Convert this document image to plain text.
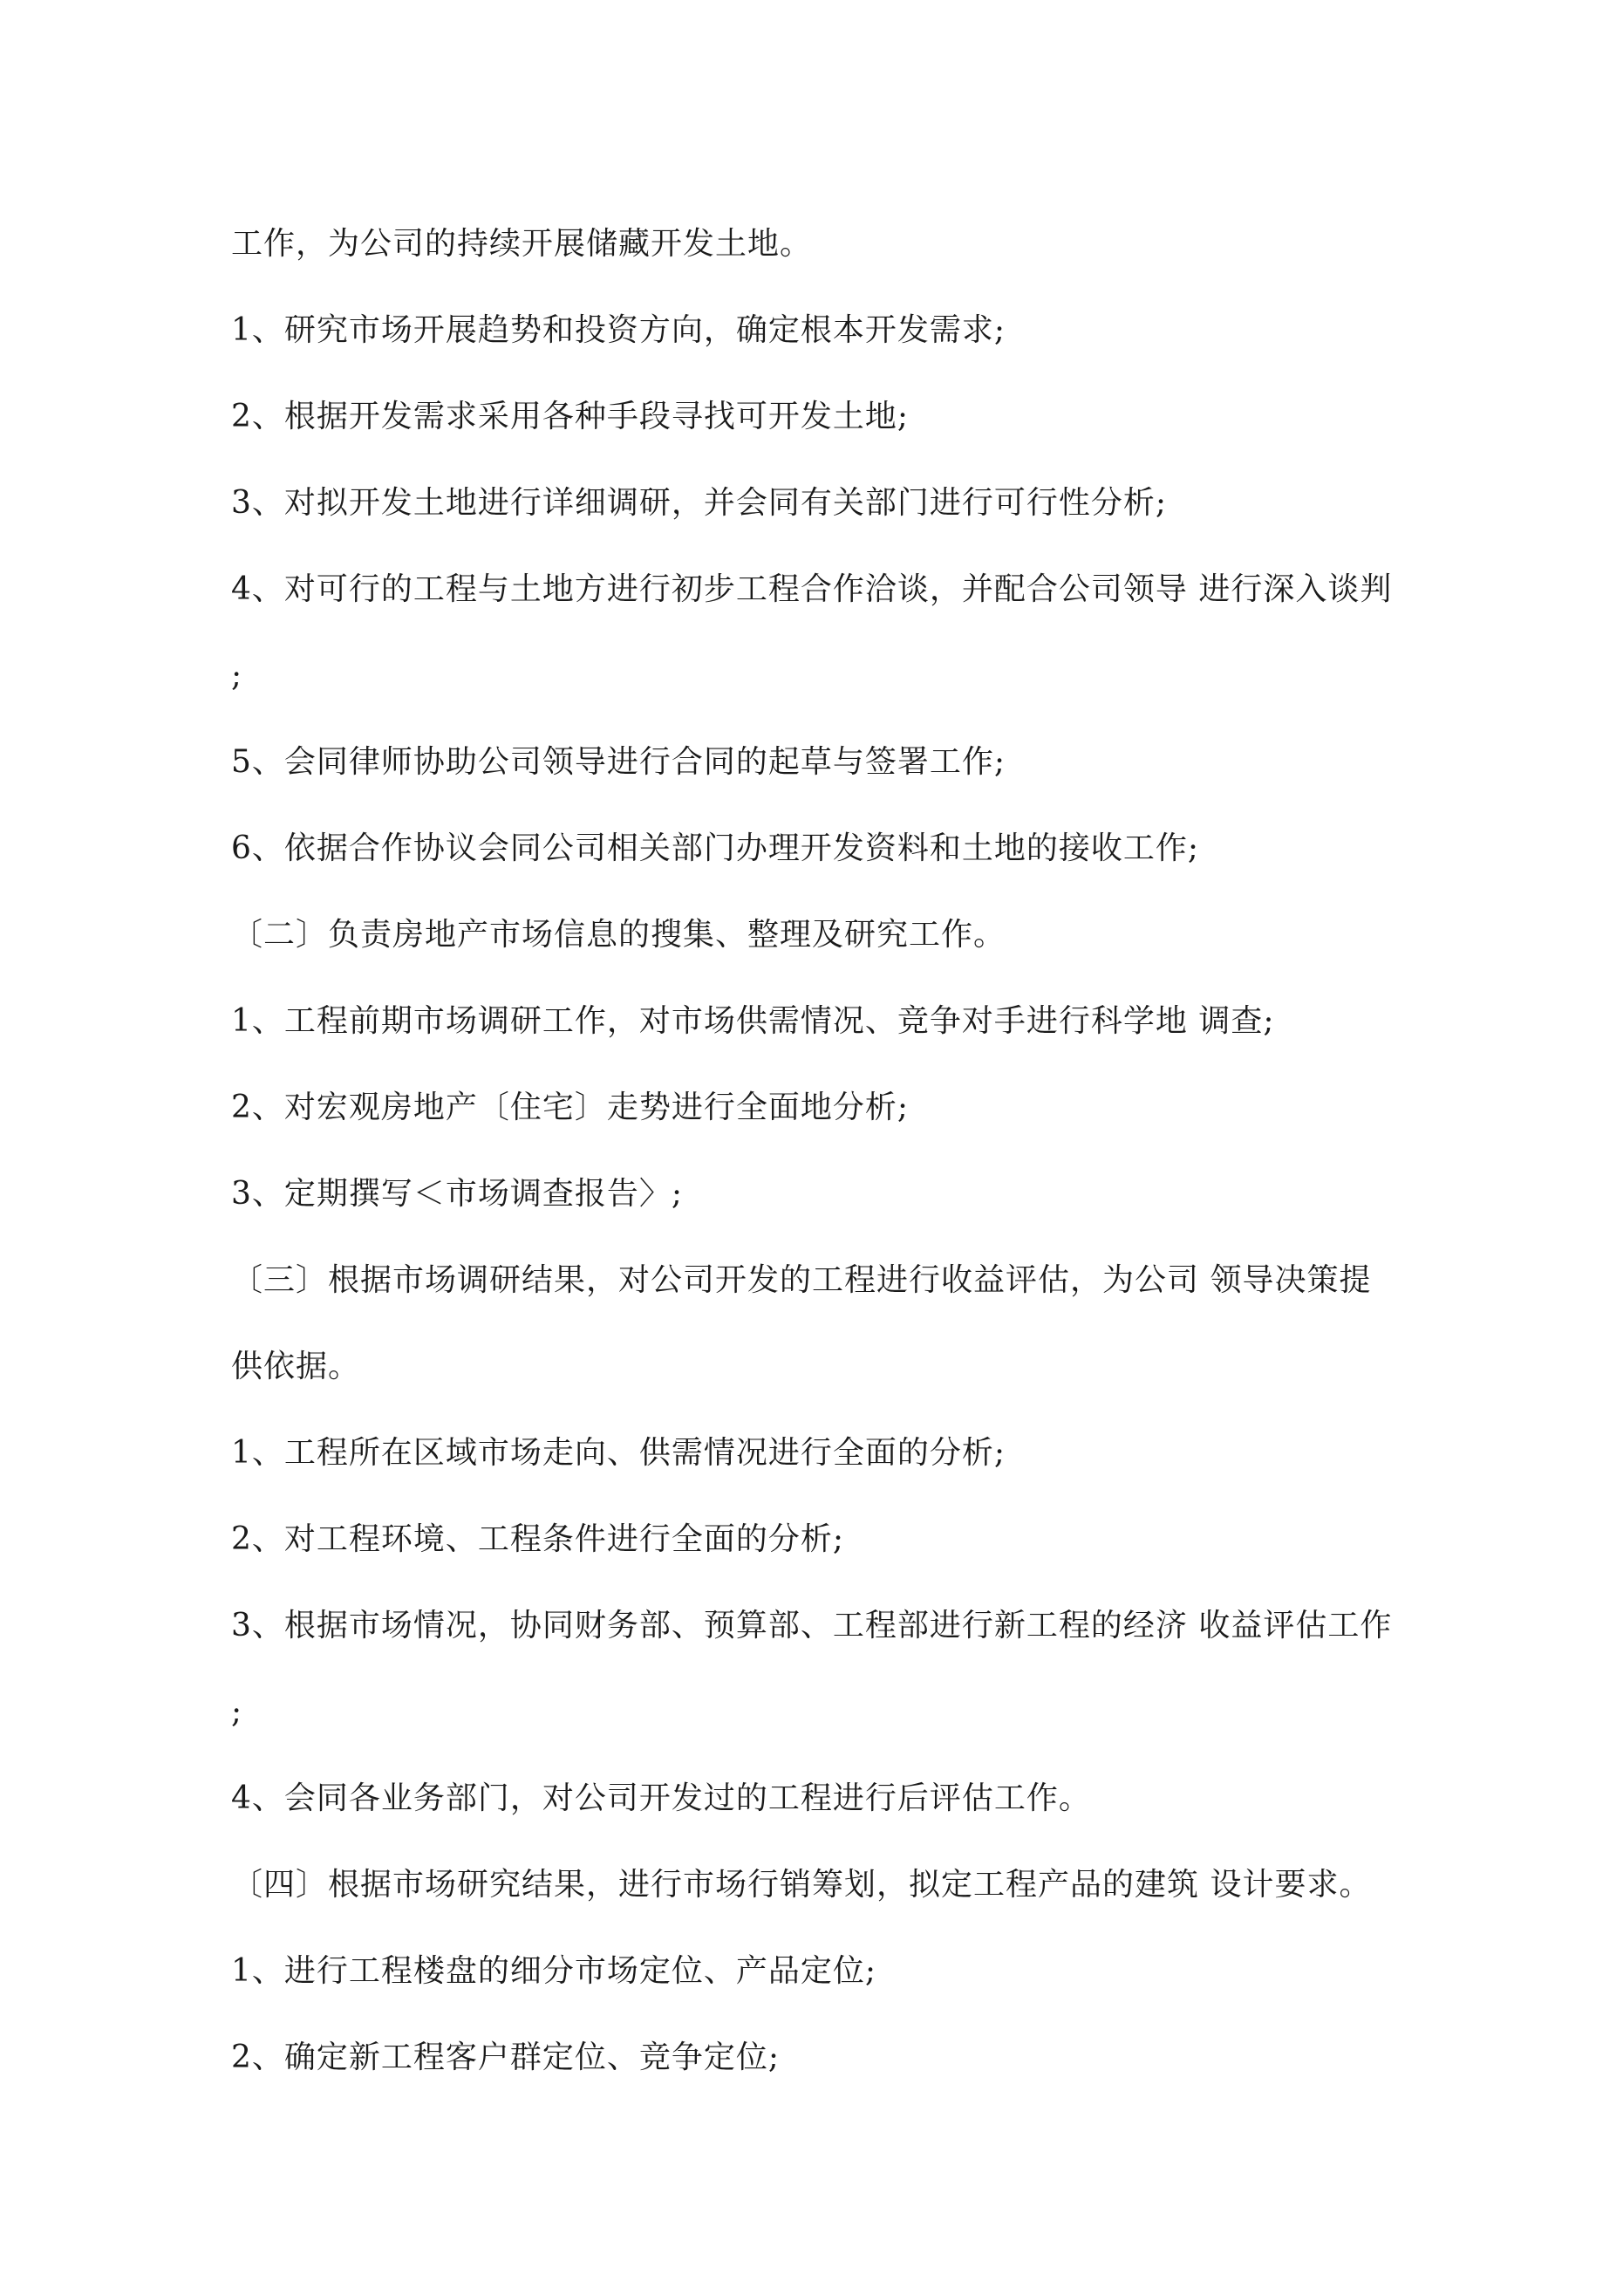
工作，为公司的持续开展储藏开发土地。
1、研究市场开展趋势和投资方向，确定根本开发需求;
2、根据开发需求采用各种手段寻找可开发土地;
3、对拟开发土地进行详细调研，并会同有关部门进行可行性分析;
4、对可行的工程与土地方进行初步工程合作洽谈，并配合公司领导 进行深入谈判
;
5、会同律师协助公司领导进行合同的起草与签署工作;
6、依据合作协议会同公司相关部门办理开发资料和土地的接收工作;
〔二〕负责房地产市场信息的搜集、整理及研究工作。
1、工程前期市场调研工作，对市场供需情况、竞争对手进行科学地 调查;
2、对宏观房地产〔住宅〕走势进行全面地分析;
3、定期撰写＜市场调查报告〉;
〔三〕根据市场调研结果，对公司开发的工程进行收益评估，为公司 领导决策提
供依据。
1、工程所在区域市场走向、供需情况进行全面的分析;
2、对工程环境、工程条件进行全面的分析;
3、根据市场情况，协同财务部、预算部、工程部进行新工程的经济 收益评估工作
;
4、会同各业务部门，对公司开发过的工程进行后评估工作。
〔四〕根据市场研究结果，进行市场行销筹划，拟定工程产品的建筑 设计要求。
1、进行工程楼盘的细分市场定位、产品定位;
2、确定新工程客户群定位、竞争定位;
